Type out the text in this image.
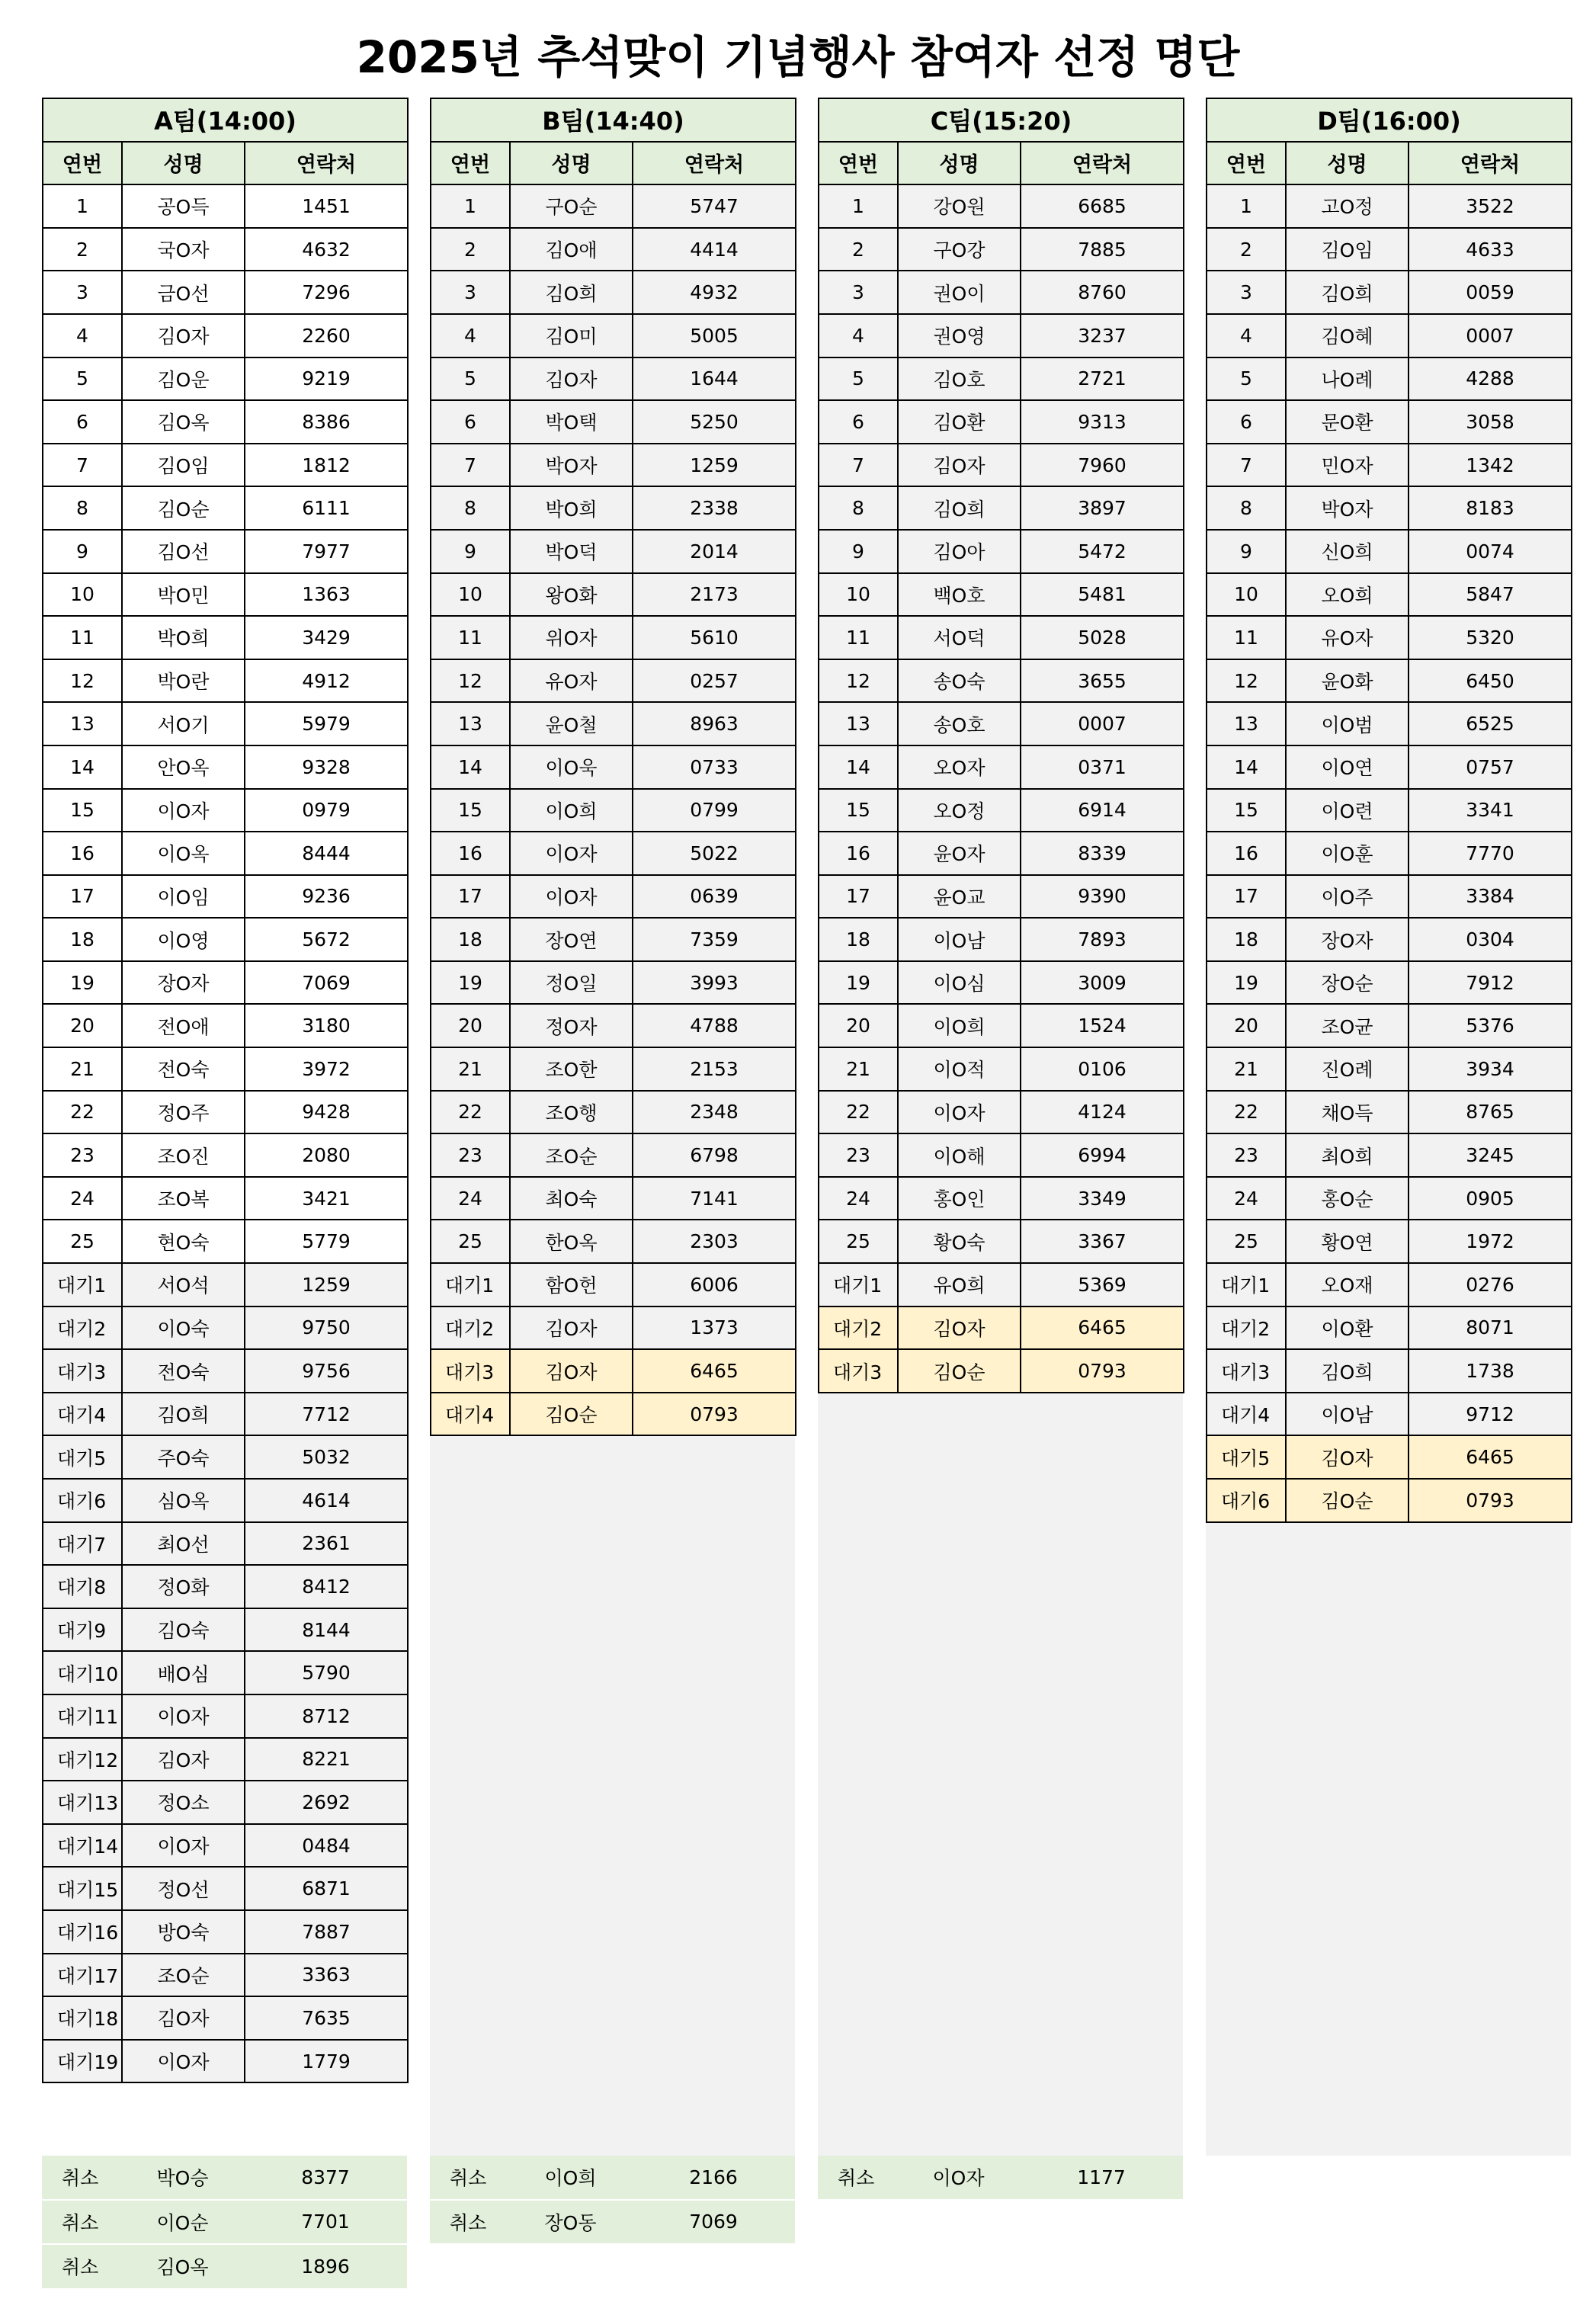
2025년 추석맞이 기념행사 참여자 선정 명단
A팀(14:00)		
연번	성명	연락처
1	공O득	1451
2	국O자	4632
3	금O선	7296
4	김O자	2260
5	김O운	9219
6	김O옥	8386
7	김O임	1812
8	김O순	6111
9	김O선	7977
10	박O민	1363
11	박O희	3429
12	박O란	4912
13	서O기	5979
14	안O옥	9328
15	이O자	0979
16	이O옥	8444
17	이O임	9236
18	이O영	5672
19	장O자	7069
20	전O애	3180
21	전O숙	3972
22	정O주	9428
23	조O진	2080
24	조O복	3421
25	현O숙	5779
대기1	서O석	1259
대기2	이O숙	9750
대기3	전O숙	9756
대기4	김O희	7712
대기5	주O숙	5032
대기6	심O옥	4614
대기7	최O선	2361
대기8	정O화	8412
대기9	김O숙	8144
대기10	배O심	5790
대기11	이O자	8712
대기12	김O자	8221
대기13	정O소	2692
대기14	이O자	0484
대기15	정O선	6871
대기16	방O숙	7887
대기17	조O순	3363
대기18	김O자	7635
대기19	이O자	1779
취소	박O승	8377
취소	이O순	7701
취소	김O옥	1896
B팀(14:40)		
연번	성명	연락처
1	구O순	5747
2	김O애	4414
3	김O희	4932
4	김O미	5005
5	김O자	1644
6	박O택	5250
7	박O자	1259
8	박O희	2338
9	박O덕	2014
10	왕O화	2173
11	위O자	5610
12	유O자	0257
13	윤O철	8963
14	이O욱	0733
15	이O희	0799
16	이O자	5022
17	이O자	0639
18	장O연	7359
19	정O일	3993
20	정O자	4788
21	조O한	2153
22	조O행	2348
23	조O순	6798
24	최O숙	7141
25	한O옥	2303
대기1	함O헌	6006
대기2	김O자	1373
대기3	김O자	6465
대기4	김O순	0793
취소	이O희	2166
취소	장O동	7069
C팀(15:20)		
연번	성명	연락처
1	강O원	6685
2	구O강	7885
3	권O이	8760
4	권O영	3237
5	김O호	2721
6	김O환	9313
7	김O자	7960
8	김O희	3897
9	김O아	5472
10	백O호	5481
11	서O덕	5028
12	송O숙	3655
13	송O호	0007
14	오O자	0371
15	오O정	6914
16	윤O자	8339
17	윤O교	9390
18	이O남	7893
19	이O심	3009
20	이O희	1524
21	이O적	0106
22	이O자	4124
23	이O해	6994
24	홍O인	3349
25	황O숙	3367
대기1	유O희	5369
대기2	김O자	6465
대기3	김O순	0793
취소	이O자	1177
D팀(16:00)		
연번	성명	연락처
1	고O정	3522
2	김O임	4633
3	김O희	0059
4	김O혜	0007
5	나O례	4288
6	문O환	3058
7	민O자	1342
8	박O자	8183
9	신O희	0074
10	오O희	5847
11	유O자	5320
12	윤O화	6450
13	이O범	6525
14	이O연	0757
15	이O련	3341
16	이O훈	7770
17	이O주	3384
18	장O자	0304
19	장O순	7912
20	조O균	5376
21	진O례	3934
22	채O득	8765
23	최O희	3245
24	홍O순	0905
25	황O연	1972
대기1	오O재	0276
대기2	이O환	8071
대기3	김O희	1738
대기4	이O남	9712
대기5	김O자	6465
대기6	김O순	0793
